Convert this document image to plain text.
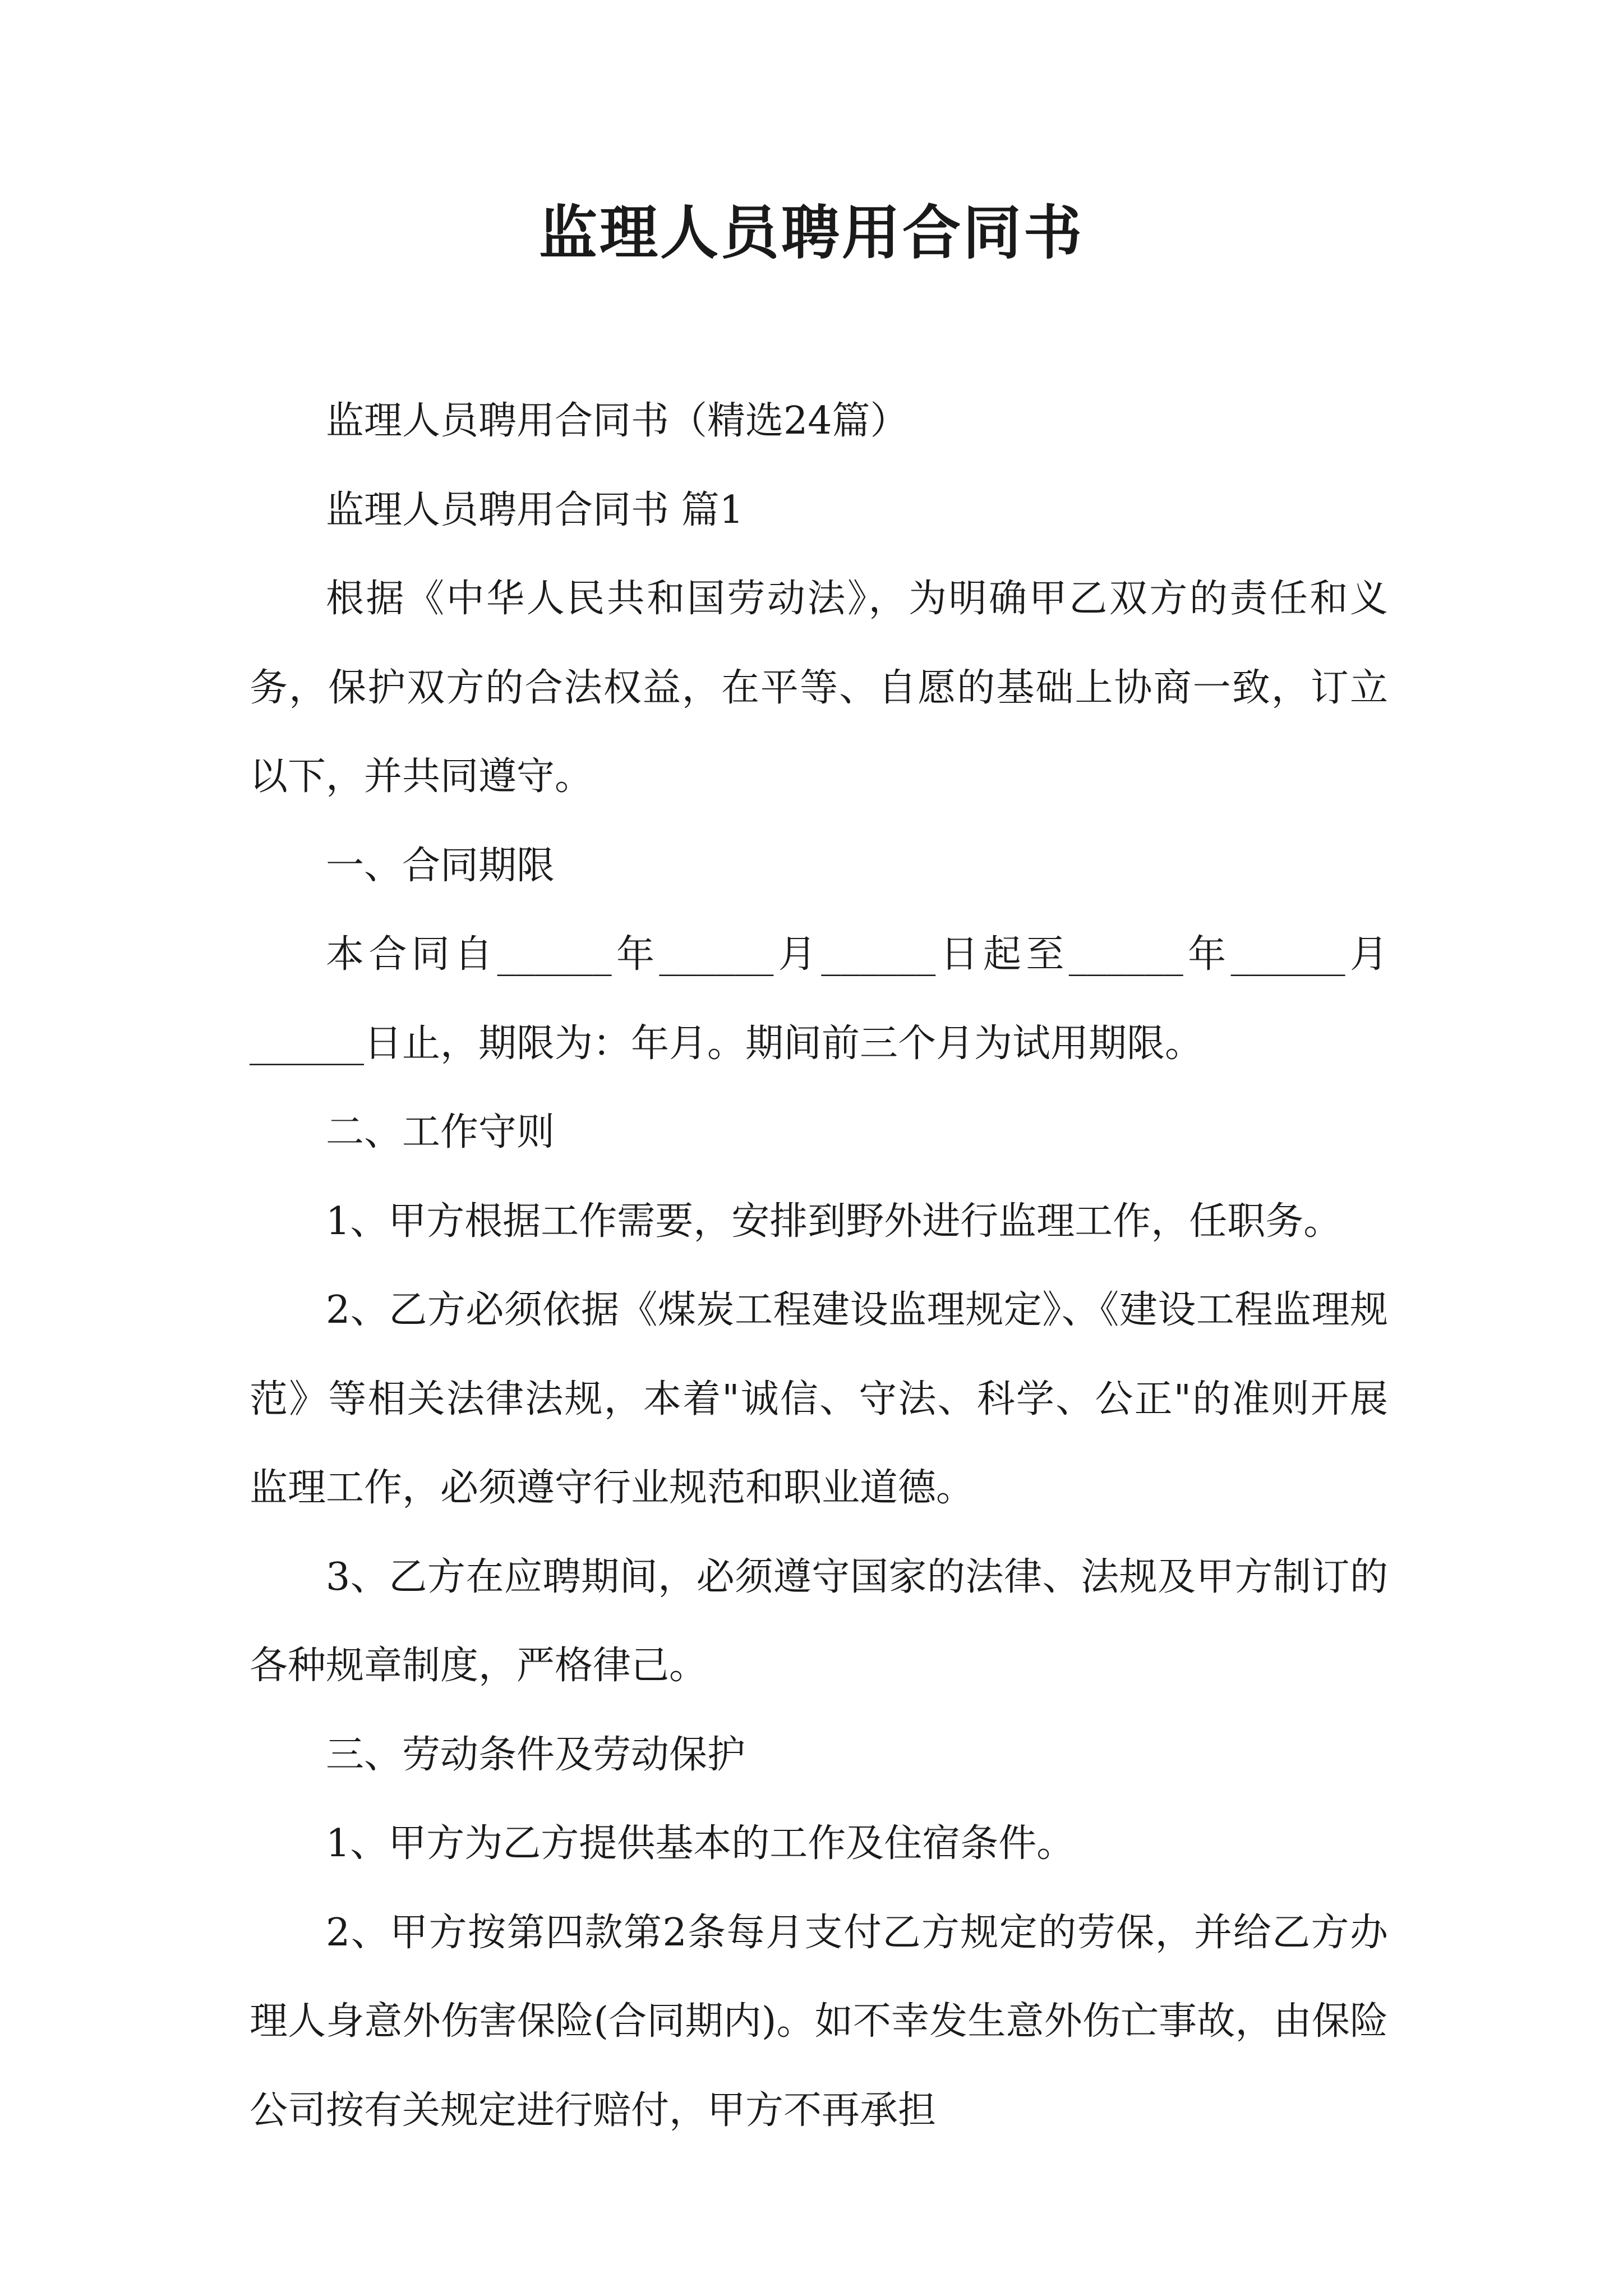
监理人员聘用合同书

监理人员聘用合同书（精选24篇）

监理人员聘用合同书 篇1

根据《中华人民共和国劳动法》，为明确甲乙双方的责任和义务，保护双方的合法权益，在平等、自愿的基础上协商一致，订立以下，并共同遵守。

一、合同期限

本合同自______年______月______日起至______年______月______日止，期限为：年月。期间前三个月为试用期限。

二、工作守则

1、甲方根据工作需要，安排到野外进行监理工作，任职务。

2、乙方必须依据《煤炭工程建设监理规定》、《建设工程监理规范》等相关法律法规，本着"诚信、守法、科学、公正"的准则开展监理工作，必须遵守行业规范和职业道德。

3、乙方在应聘期间，必须遵守国家的法律、法规及甲方制订的各种规章制度，严格律己。

三、劳动条件及劳动保护

1、甲方为乙方提供基本的工作及住宿条件。

2、甲方按第四款第2条每月支付乙方规定的劳保，并给乙方办理人身意外伤害保险(合同期内)。如不幸发生意外伤亡事故，由保险公司按有关规定进行赔付，甲方不再承担
